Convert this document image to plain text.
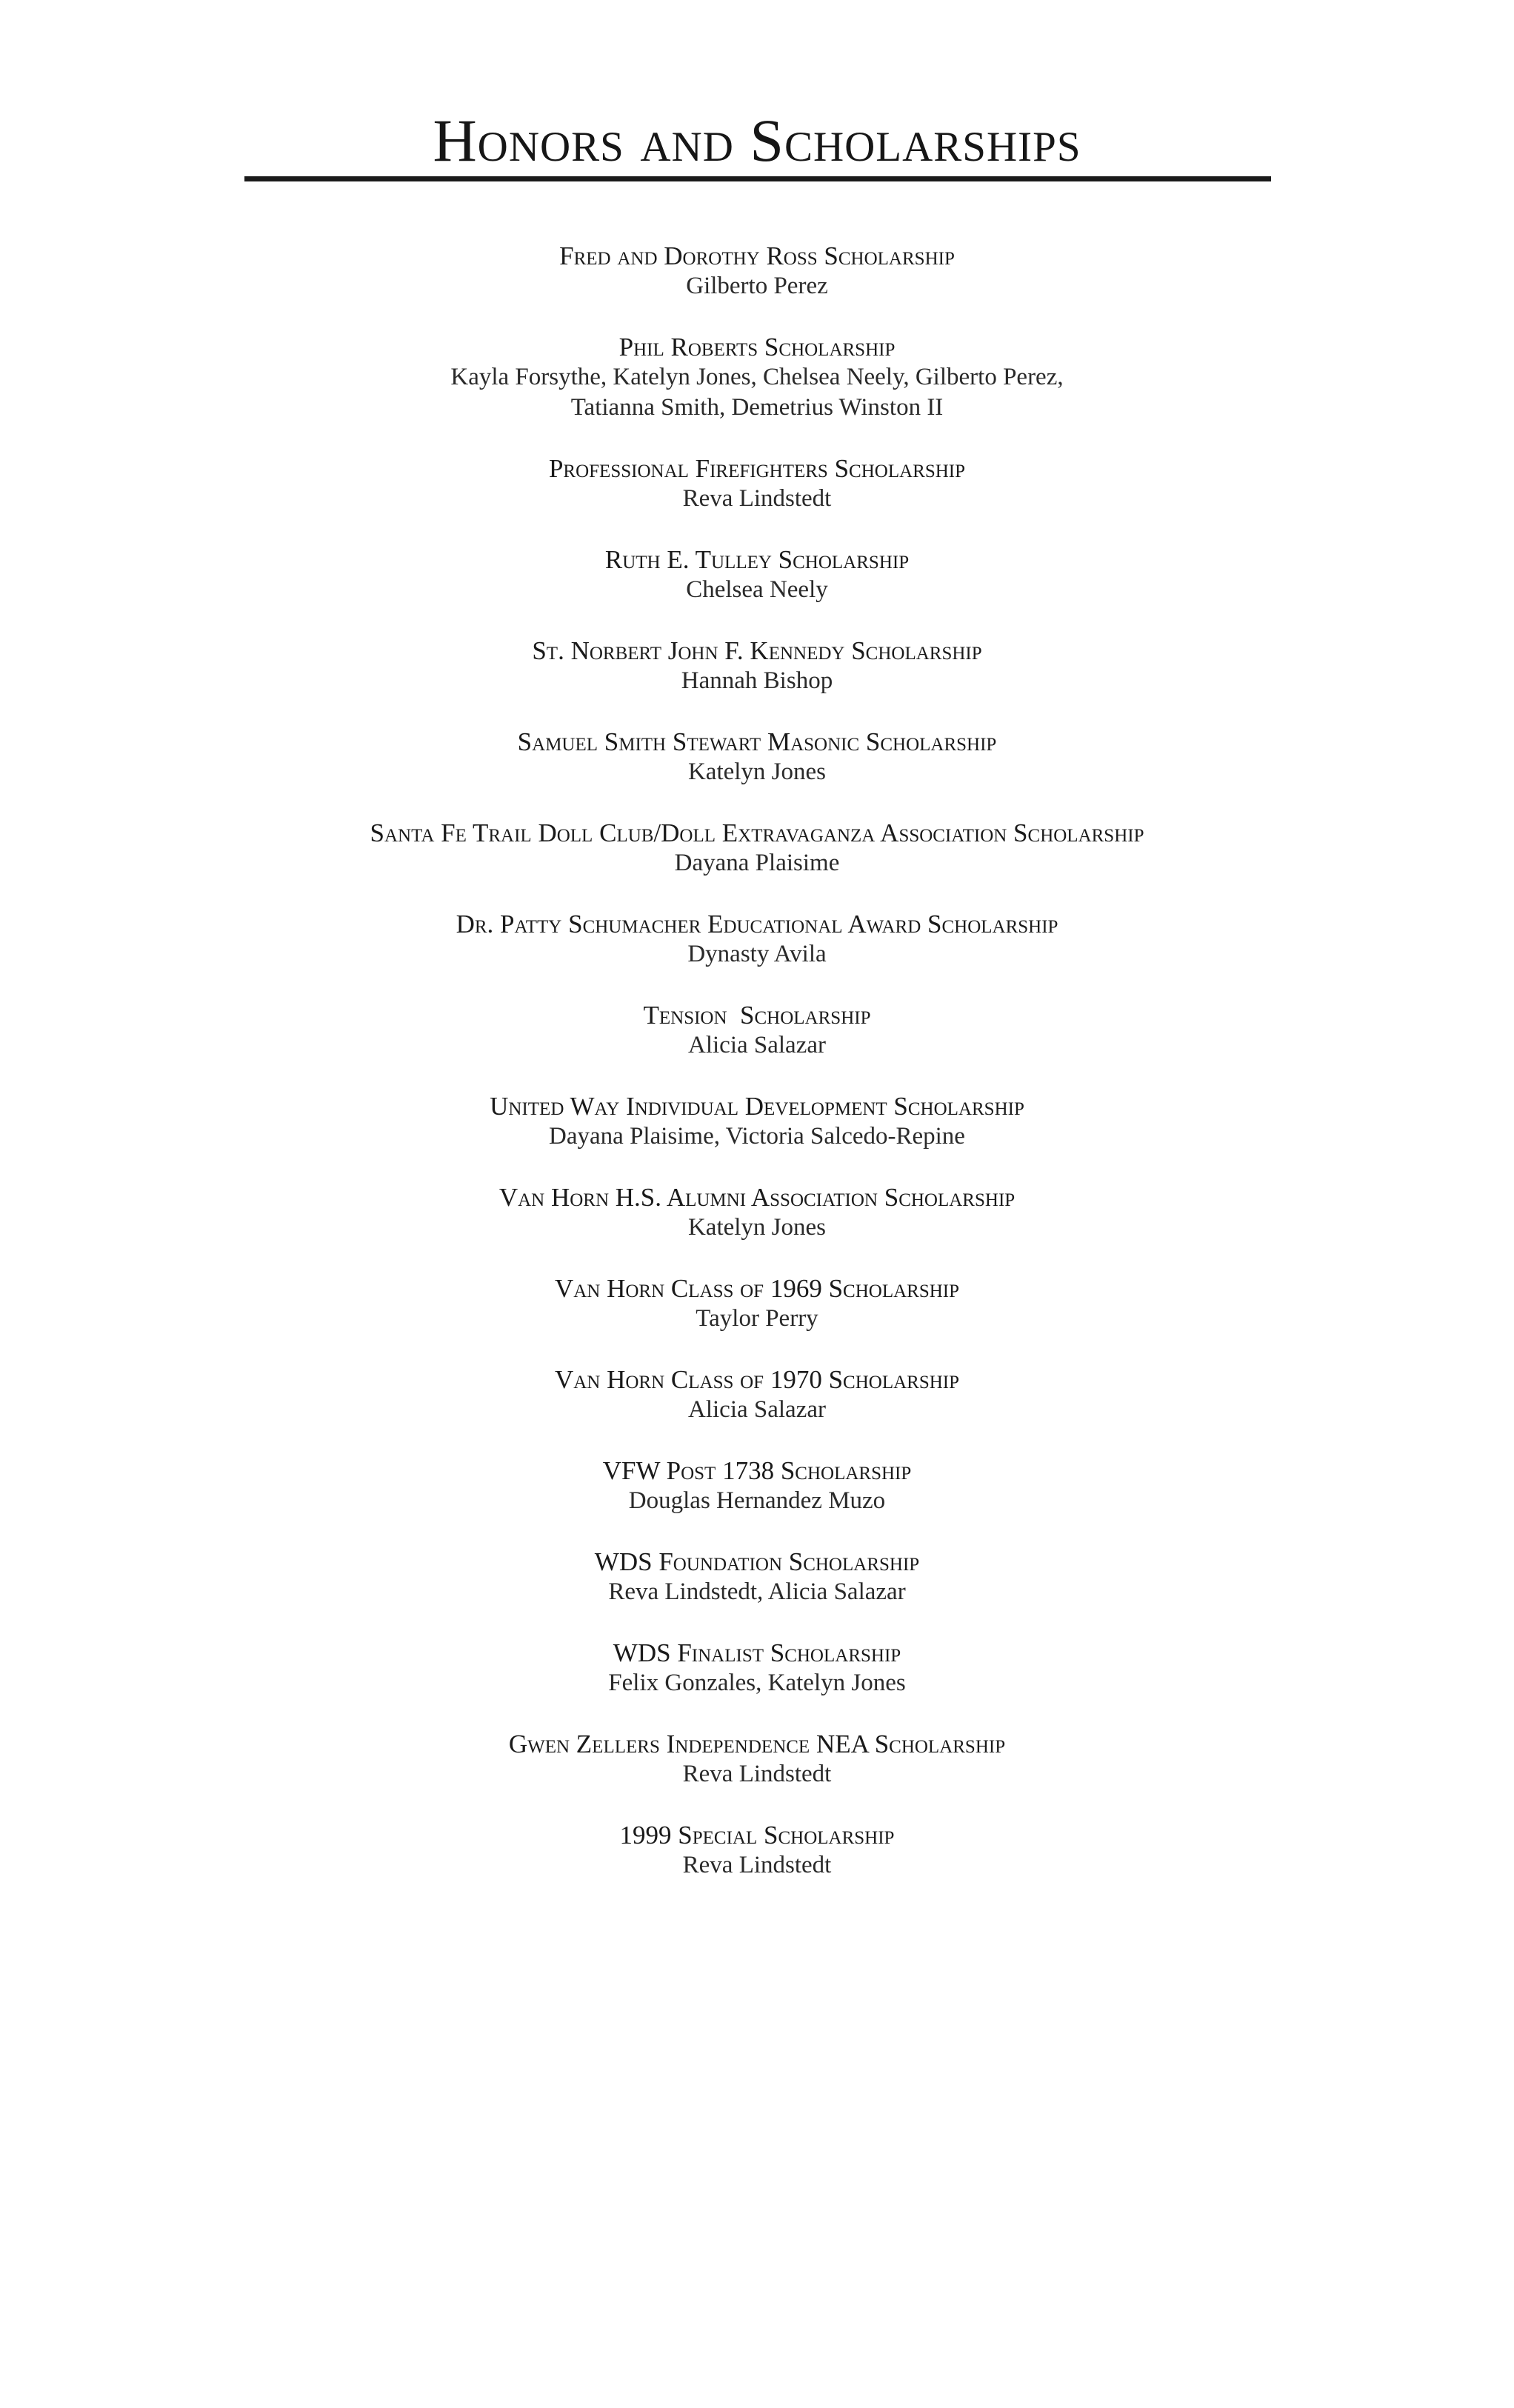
Honors and Scholarships
Fred and Dorothy Ross Scholarship
Gilberto Perez
Phil Roberts Scholarship
Kayla Forsythe, Katelyn Jones, Chelsea Neely, Gilberto Perez,
Tatianna Smith, Demetrius Winston II
Professional Firefighters Scholarship
Reva Lindstedt
Ruth E. Tulley Scholarship
Chelsea Neely
St. Norbert John F. Kennedy Scholarship
Hannah Bishop
Samuel Smith Stewart Masonic Scholarship
Katelyn Jones
Santa Fe Trail Doll Club/Doll Extravaganza Association Scholarship
Dayana Plaisime
Dr. Patty Schumacher Educational Award Scholarship
Dynasty Avila
Tension  Scholarship
Alicia Salazar
United Way Individual Development Scholarship
Dayana Plaisime, Victoria Salcedo-Repine
Van Horn H.S. Alumni Association Scholarship
Katelyn Jones
Van Horn Class of 1969 Scholarship
Taylor Perry
Van Horn Class of 1970 Scholarship
Alicia Salazar
VFW Post 1738 Scholarship
Douglas Hernandez Muzo
WDS Foundation Scholarship
Reva Lindstedt, Alicia Salazar
WDS Finalist Scholarship
Felix Gonzales, Katelyn Jones
Gwen Zellers Independence NEA Scholarship
Reva Lindstedt
1999 Special Scholarship
Reva Lindstedt
